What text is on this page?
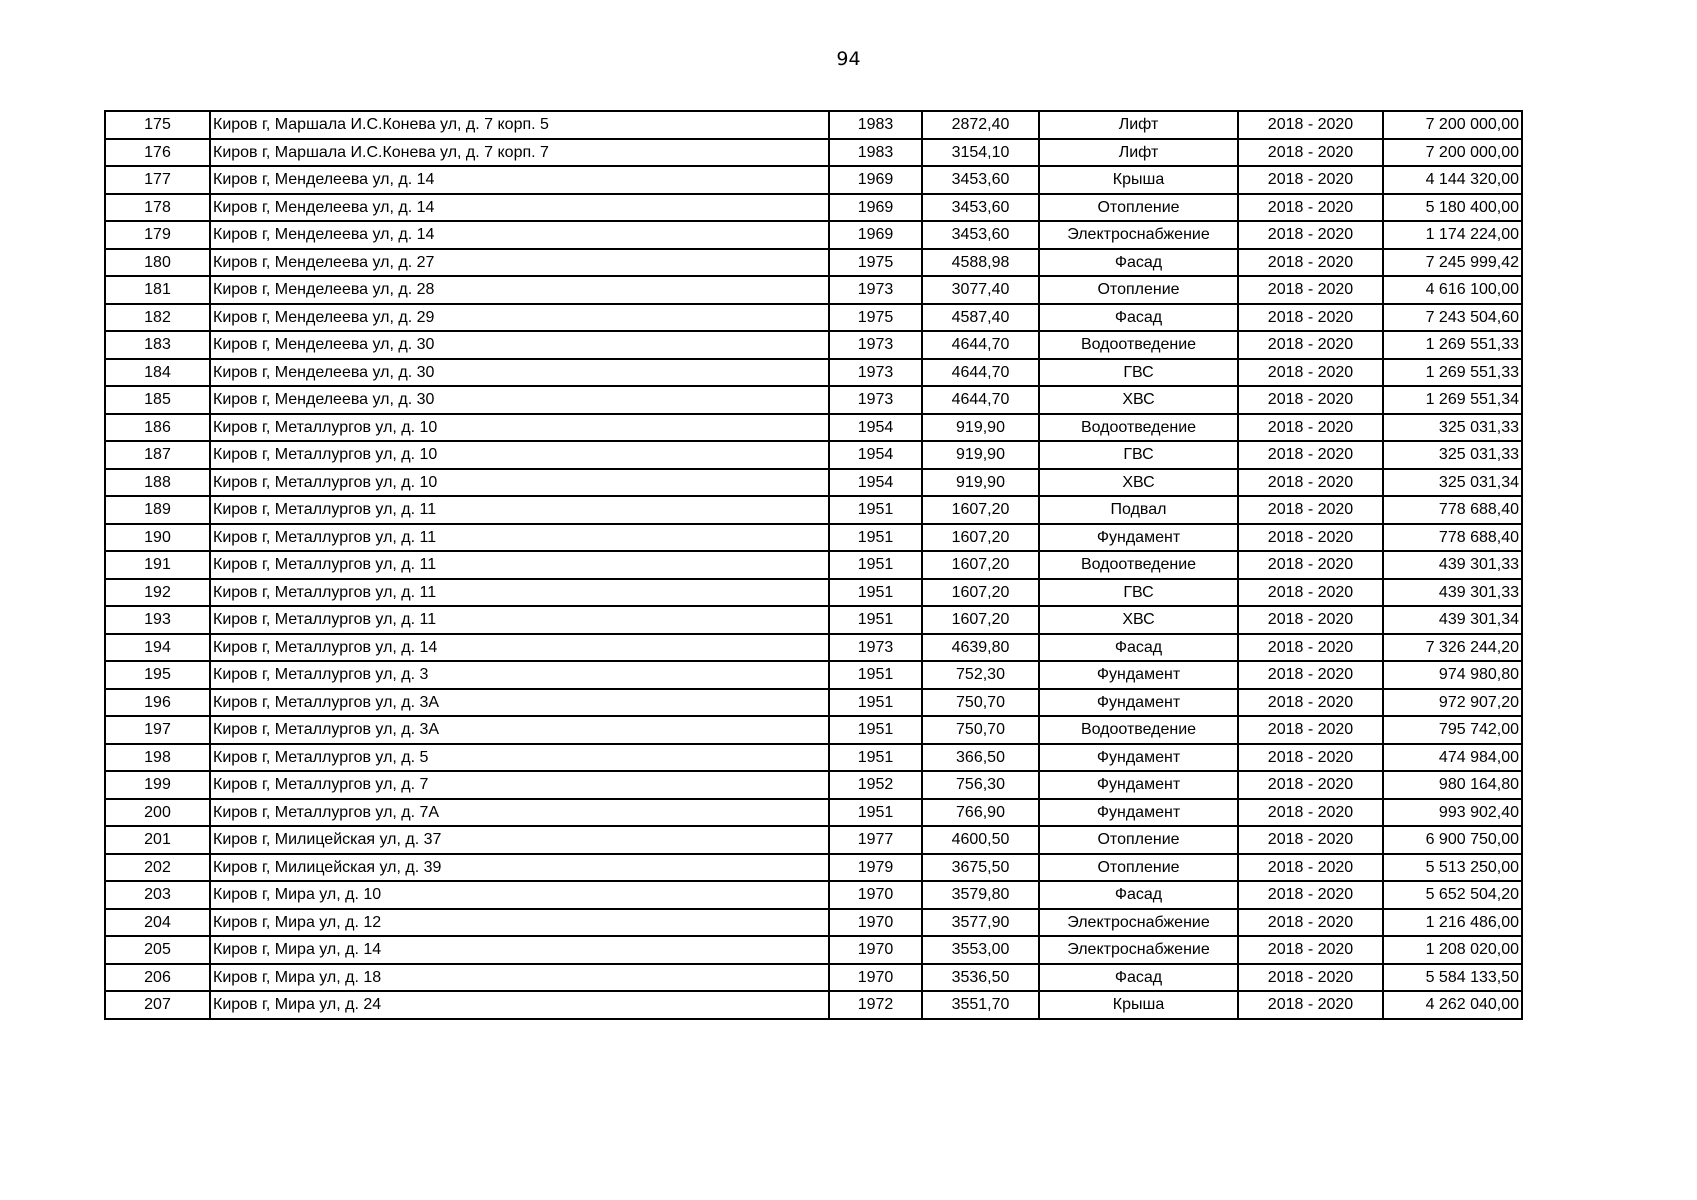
94
175	Киров г, Маршала И.С.Конева ул, д. 7 корп. 5	1983	2872,40	Лифт	2018 - 2020	7 200 000,00
176	Киров г, Маршала И.С.Конева ул, д. 7 корп. 7	1983	3154,10	Лифт	2018 - 2020	7 200 000,00
177	Киров г, Менделеева ул, д. 14	1969	3453,60	Крыша	2018 - 2020	4 144 320,00
178	Киров г, Менделеева ул, д. 14	1969	3453,60	Отопление	2018 - 2020	5 180 400,00
179	Киров г, Менделеева ул, д. 14	1969	3453,60	Электроснабжение	2018 - 2020	1 174 224,00
180	Киров г, Менделеева ул, д. 27	1975	4588,98	Фасад	2018 - 2020	7 245 999,42
181	Киров г, Менделеева ул, д. 28	1973	3077,40	Отопление	2018 - 2020	4 616 100,00
182	Киров г, Менделеева ул, д. 29	1975	4587,40	Фасад	2018 - 2020	7 243 504,60
183	Киров г, Менделеева ул, д. 30	1973	4644,70	Водоотведение	2018 - 2020	1 269 551,33
184	Киров г, Менделеева ул, д. 30	1973	4644,70	ГВС	2018 - 2020	1 269 551,33
185	Киров г, Менделеева ул, д. 30	1973	4644,70	ХВС	2018 - 2020	1 269 551,34
186	Киров г, Металлургов ул, д. 10	1954	919,90	Водоотведение	2018 - 2020	325 031,33
187	Киров г, Металлургов ул, д. 10	1954	919,90	ГВС	2018 - 2020	325 031,33
188	Киров г, Металлургов ул, д. 10	1954	919,90	ХВС	2018 - 2020	325 031,34
189	Киров г, Металлургов ул, д. 11	1951	1607,20	Подвал	2018 - 2020	778 688,40
190	Киров г, Металлургов ул, д. 11	1951	1607,20	Фундамент	2018 - 2020	778 688,40
191	Киров г, Металлургов ул, д. 11	1951	1607,20	Водоотведение	2018 - 2020	439 301,33
192	Киров г, Металлургов ул, д. 11	1951	1607,20	ГВС	2018 - 2020	439 301,33
193	Киров г, Металлургов ул, д. 11	1951	1607,20	ХВС	2018 - 2020	439 301,34
194	Киров г, Металлургов ул, д. 14	1973	4639,80	Фасад	2018 - 2020	7 326 244,20
195	Киров г, Металлургов ул, д. 3	1951	752,30	Фундамент	2018 - 2020	974 980,80
196	Киров г, Металлургов ул, д. 3А	1951	750,70	Фундамент	2018 - 2020	972 907,20
197	Киров г, Металлургов ул, д. 3А	1951	750,70	Водоотведение	2018 - 2020	795 742,00
198	Киров г, Металлургов ул, д. 5	1951	366,50	Фундамент	2018 - 2020	474 984,00
199	Киров г, Металлургов ул, д. 7	1952	756,30	Фундамент	2018 - 2020	980 164,80
200	Киров г, Металлургов ул, д. 7А	1951	766,90	Фундамент	2018 - 2020	993 902,40
201	Киров г, Милицейская ул, д. 37	1977	4600,50	Отопление	2018 - 2020	6 900 750,00
202	Киров г, Милицейская ул, д. 39	1979	3675,50	Отопление	2018 - 2020	5 513 250,00
203	Киров г, Мира ул, д. 10	1970	3579,80	Фасад	2018 - 2020	5 652 504,20
204	Киров г, Мира ул, д. 12	1970	3577,90	Электроснабжение	2018 - 2020	1 216 486,00
205	Киров г, Мира ул, д. 14	1970	3553,00	Электроснабжение	2018 - 2020	1 208 020,00
206	Киров г, Мира ул, д. 18	1970	3536,50	Фасад	2018 - 2020	5 584 133,50
207	Киров г, Мира ул, д. 24	1972	3551,70	Крыша	2018 - 2020	4 262 040,00
